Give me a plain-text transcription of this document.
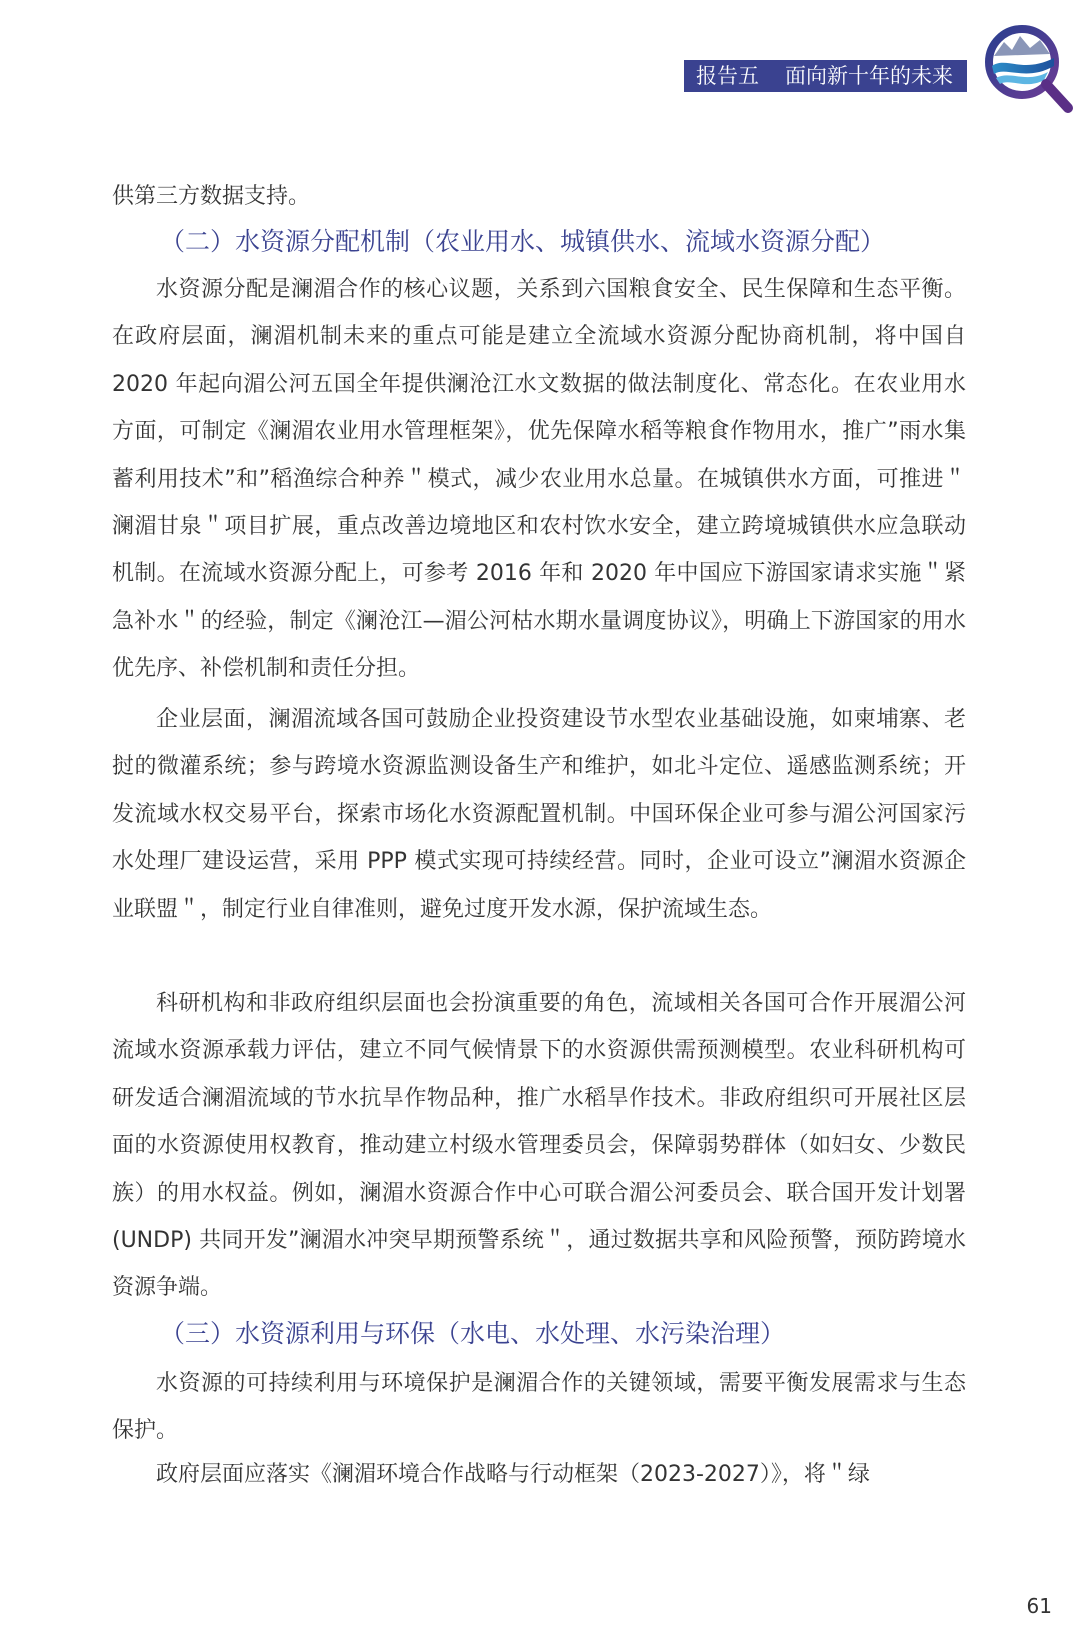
报告五 面向新十年的未来

供第三方数据支持。

（二）水资源分配机制（农业用水、城镇供水、流域水资源分配）

水资源分配是澜湄合作的核心议题，关系到六国粮食安全、民生保障和生态平衡。在政府层面，澜湄机制未来的重点可能是建立全流域水资源分配协商机制，将中国自 2020 年起向湄公河五国全年提供澜沧江水文数据的做法制度化、常态化。在农业用水方面，可制定《澜湄农业用水管理框架》，优先保障水稻等粮食作物用水，推广”雨水集蓄利用技术”和”稻渔综合种养＂模式，减少农业用水总量。在城镇供水方面，可推进＂澜湄甘泉＂项目扩展，重点改善边境地区和农村饮水安全，建立跨境城镇供水应急联动机制。在流域水资源分配上，可参考 2016 年和 2020 年中国应下游国家请求实施＂紧急补水＂的经验，制定《澜沧江—湄公河枯水期水量调度协议》，明确上下游国家的用水优先序、补偿机制和责任分担。

企业层面，澜湄流域各国可鼓励企业投资建设节水型农业基础设施，如柬埔寨、老挝的微灌系统；参与跨境水资源监测设备生产和维护，如北斗定位、遥感监测系统；开发流域水权交易平台，探索市场化水资源配置机制。中国环保企业可参与湄公河国家污水处理厂建设运营，采用 PPP 模式实现可持续经营。同时，企业可设立”澜湄水资源企业联盟＂，制定行业自律准则，避免过度开发水源，保护流域生态。

科研机构和非政府组织层面也会扮演重要的角色，流域相关各国可合作开展湄公河流域水资源承载力评估，建立不同气候情景下的水资源供需预测模型。农业科研机构可研发适合澜湄流域的节水抗旱作物品种，推广水稻旱作技术。非政府组织可开展社区层面的水资源使用权教育，推动建立村级水管理委员会，保障弱势群体（如妇女、少数民族）的用水权益。例如，澜湄水资源合作中心可联合湄公河委员会、联合国开发计划署 (UNDP) 共同开发”澜湄水冲突早期预警系统＂，通过数据共享和风险预警，预防跨境水资源争端。

（三）水资源利用与环保（水电、水处理、水污染治理）

水资源的可持续利用与环境保护是澜湄合作的关键领域，需要平衡发展需求与生态保护。

政府层面应落实《澜湄环境合作战略与行动框架（2023-2027）》，将＂绿

61
